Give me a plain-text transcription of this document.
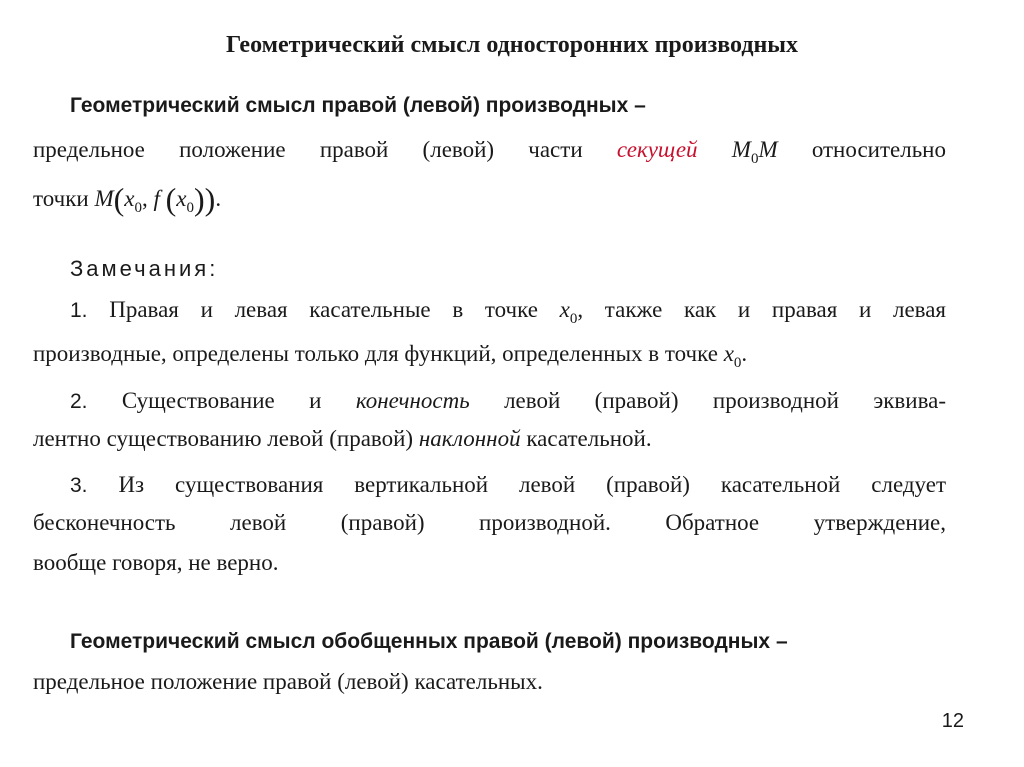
Геометрический смысл односторонних производных
Геометрический смысл правой (левой) производных –
предельное положение правой (левой) части секущей $M_0M$ относительно
точки $M(x_0$, f $(x_0)$).
Замечания:
1. Правая и левая касательные в точке $x_0$, также как и правая и левая
производные, определены только для функций, определенных в точке $x_0$.
2. Существование и конечность левой (правой) производной эквива-
лентно существованию левой (правой) наклонной касательной.
3. Из существования вертикальной левой (правой) касательной следует
бесконечность левой (правой) производной. Обратное утверждение,
вообще говоря, не верно.
Геометрический смысл обобщенных правой (левой) производных –
предельное положение правой (левой) касательных.
12
